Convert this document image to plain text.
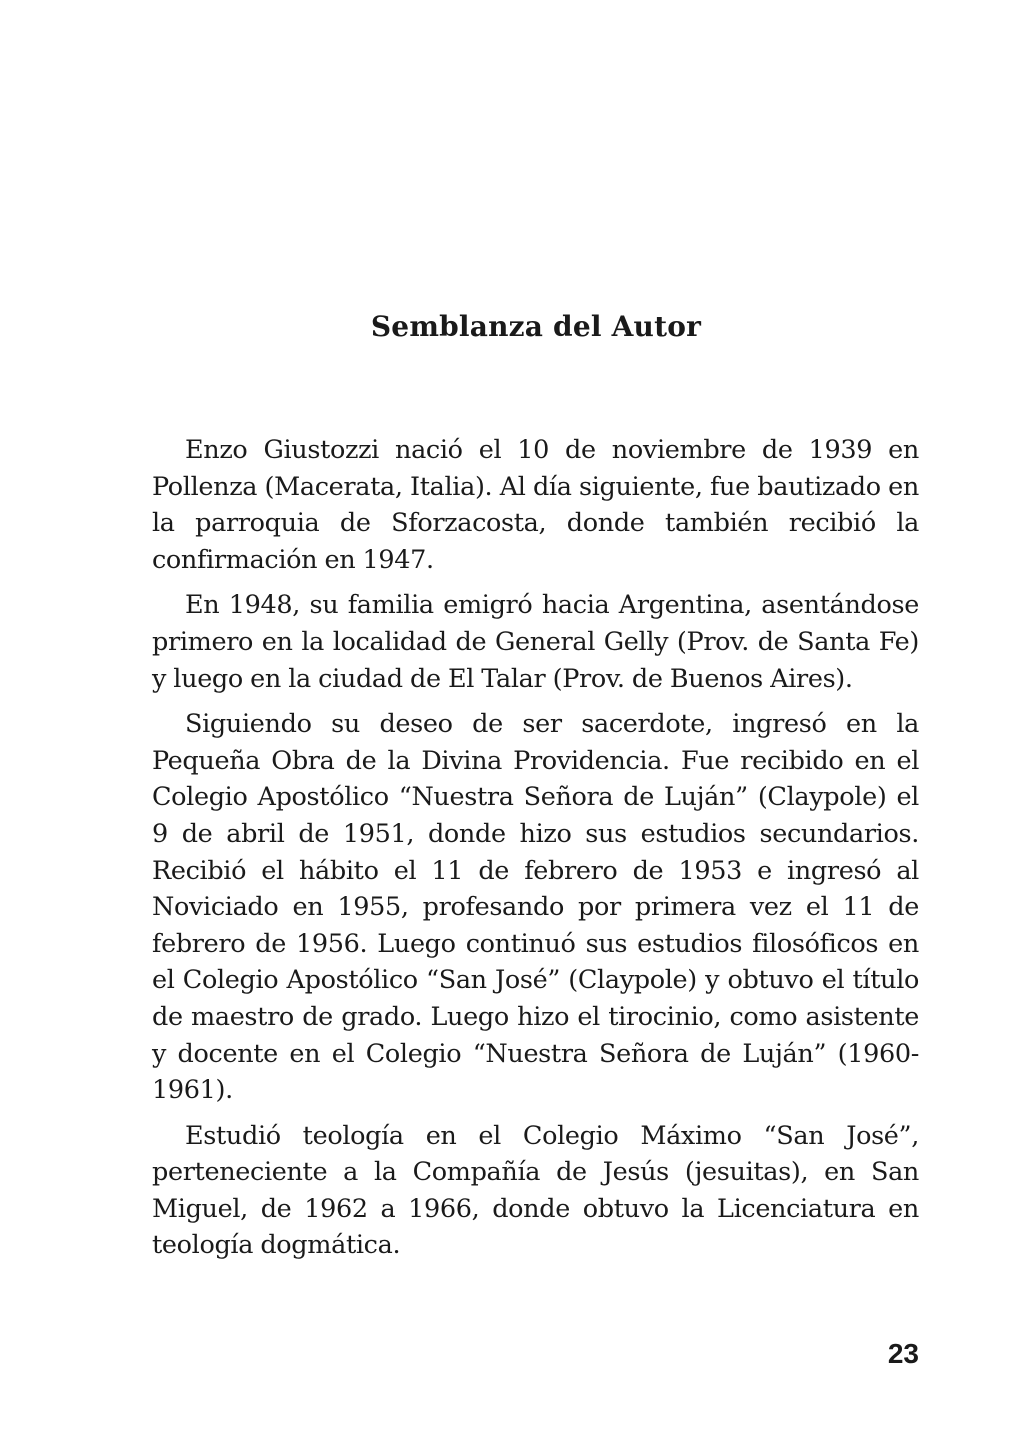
Semblanza del Autor

Enzo Giustozzi nació el 10 de noviembre de 1939 en Pollenza (Macerata, Italia). Al día siguiente, fue bautizado en la parroquia de Sforzacosta, donde también recibió la confirmación en 1947.

En 1948, su familia emigró hacia Argentina, asentándose primero en la localidad de General Gelly (Prov. de Santa Fe) y luego en la ciudad de El Talar (Prov. de Buenos Aires).

Siguiendo su deseo de ser sacerdote, ingresó en la Pequeña Obra de la Divina Providencia. Fue recibido en el Colegio Apostólico “Nuestra Señora de Luján” (Claypole) el 9 de abril de 1951, donde hizo sus estudios secundarios. Recibió el hábito el 11 de febrero de 1953 e ingresó al Noviciado en 1955, profesando por primera vez el 11 de febrero de 1956. Luego continuó sus estudios filosóficos en el Colegio Apostólico “San José” (Claypole) y obtuvo el título de maestro de grado. Luego hizo el tirocinio, como asistente y docente en el Colegio “Nuestra Señora de Luján” (1960-1961).

Estudió teología en el Colegio Máximo “San José”, perteneciente a la Compañía de Jesús (jesuitas), en San Miguel, de 1962 a 1966, donde obtuvo la Licenciatura en teología dogmática.

23
